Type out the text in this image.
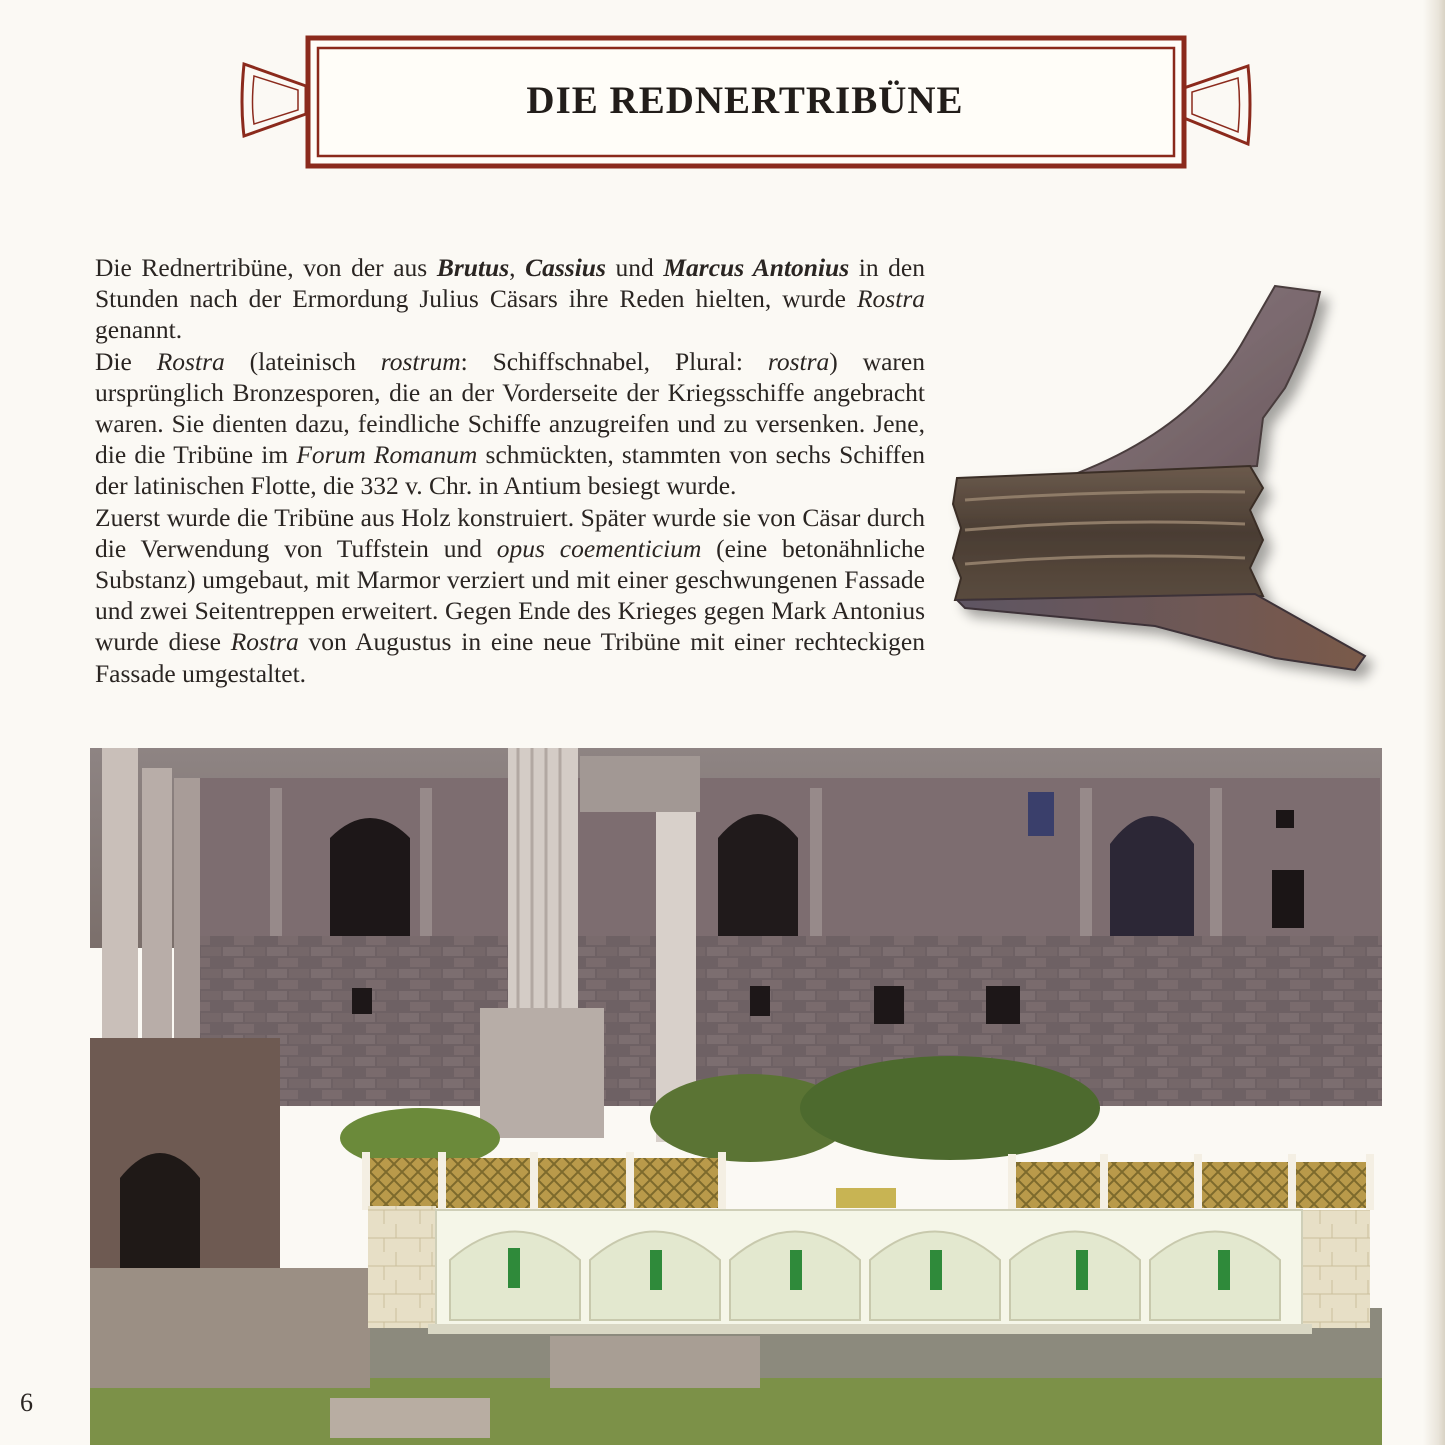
DIE REDNERTRIBÜNE

Die Rednertribüne, von der aus Brutus, Cassius und Marcus Antonius in den Stunden nach der Ermordung Julius Cäsars ihre Reden hielten, wurde Rostra genannt.

Die Rostra (lateinisch rostrum: Schiffschnabel, Plural: rostra) waren ursprünglich Bronzesporen, die an der Vorderseite der Kriegsschiffe angebracht waren. Sie dienten dazu, feindliche Schiffe anzugreifen und zu versenken. Jene, die die Tribüne im Forum Romanum schmückten, stammten von sechs Schiffen der latinischen Flotte, die 332 v. Chr. in Antium besiegt wurde.

Zuerst wurde die Tribüne aus Holz konstruiert. Später wurde sie von Cäsar durch die Verwendung von Tuffstein und opus coementicium (eine betonähnliche Substanz) umgebaut, mit Marmor verziert und mit einer geschwungenen Fassade und zwei Seitentreppen erweitert. Gegen Ende des Krieges gegen Mark Antonius wurde diese Rostra von Augustus in eine neue Tribüne mit einer rechteckigen Fassade umgestaltet.

6
